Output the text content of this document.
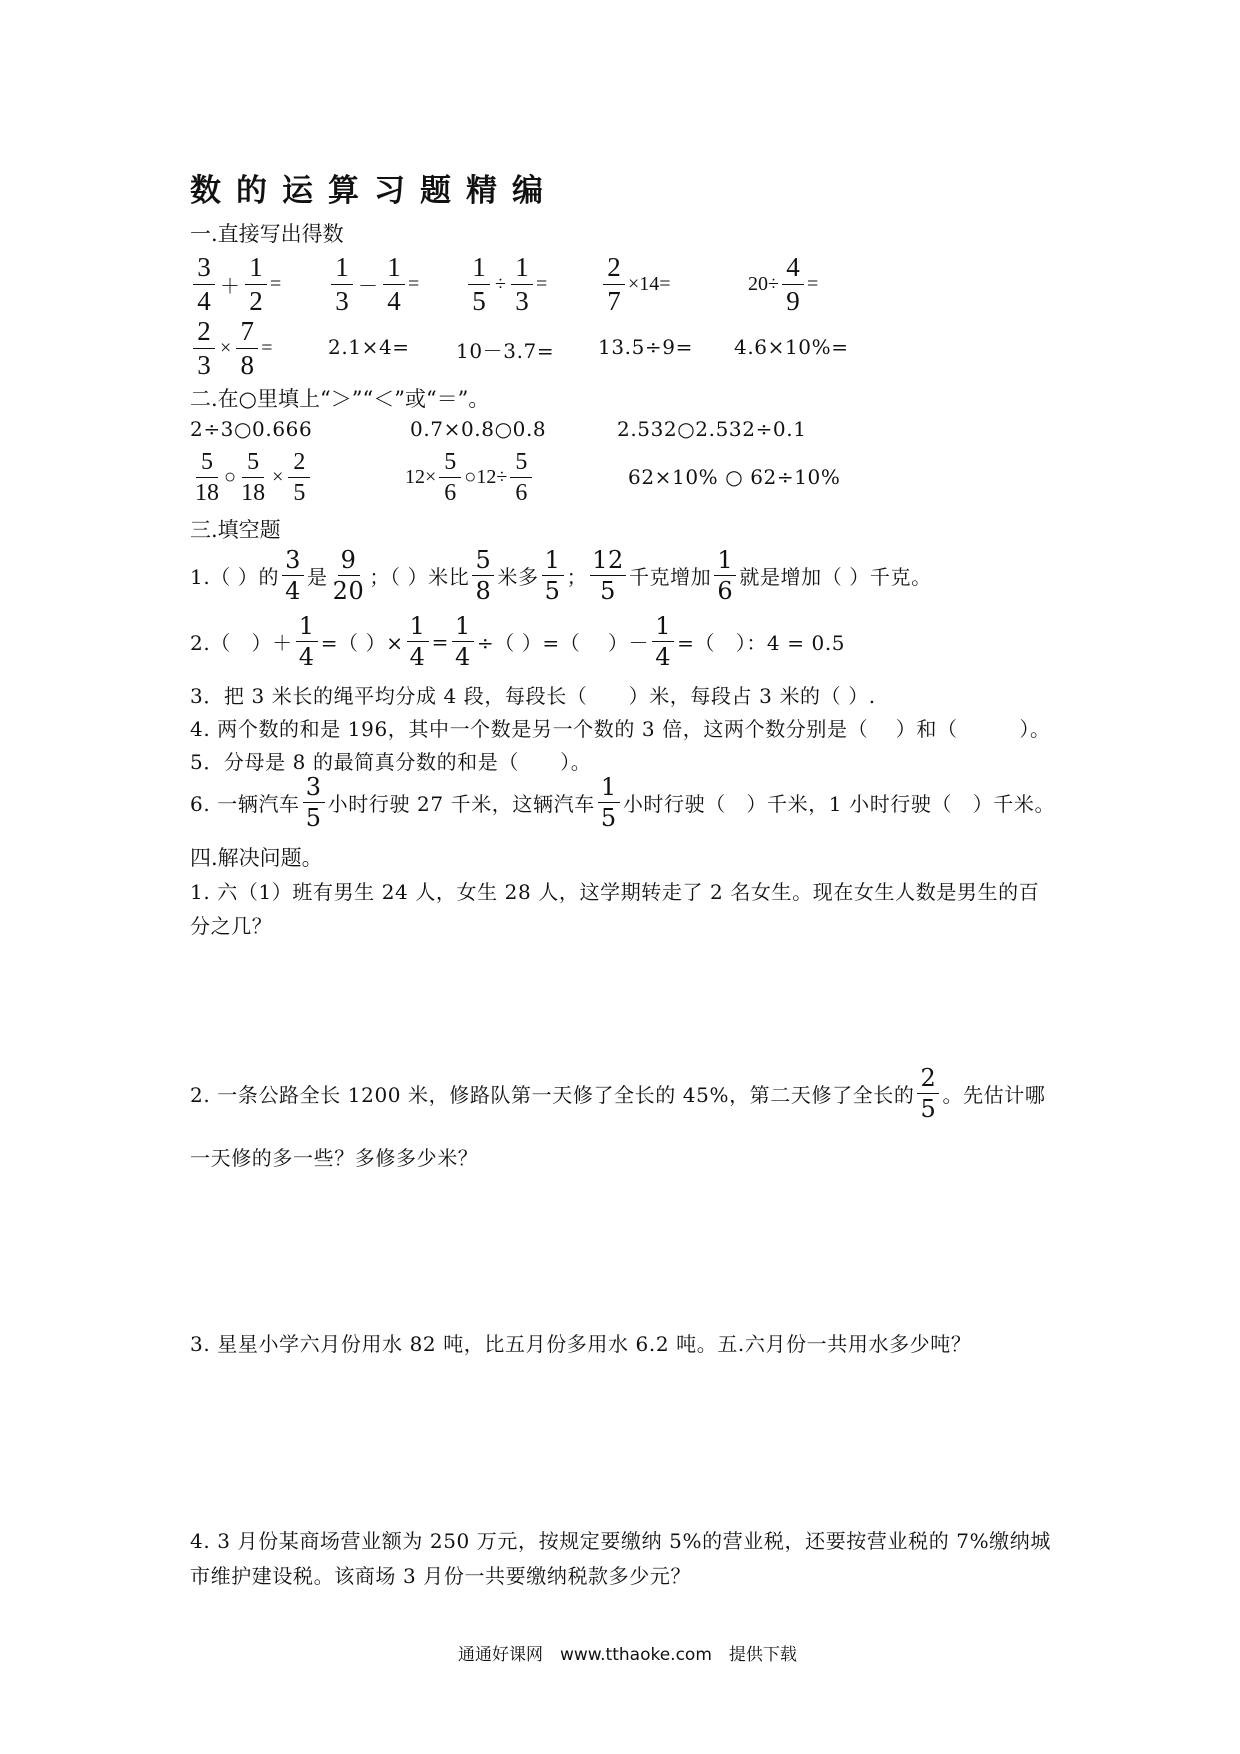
数的运算习题精编
一.直接写出得数
$\frac{3}{4} + \frac{1}{2} = \frac{1}{3} - \frac{1}{4} = \frac{1}{5} \div \frac{1}{3} = \frac{2}{7} \times 14=$	$20\div \frac{4}{9}$ =
$\frac{2}{3} \times \frac{7}{8}$ =	2.1×4= 10－3.7= 13.5÷9= 4.6×10%=
二.在○里填上“＞”“＜”或“＝”。
2÷3○0.666	0.7×0.8○0.8	2.532○2.532÷0.1
$\frac{5}{18}$ ○ $\frac{5}{18} \times \frac{2}{5}$	$12\times \frac{5}{6}$ ○12÷ $\frac{5}{6}$	62×10% ○ 62÷10%
三.填空题
1.（ ）的 $\frac{3}{4}$ 是 $\frac{9}{20}$ ；（ ）米比 $\frac{5}{8}$ 米多 $\frac{1}{5}$ ； $\frac{12}{5}$ 千克增加 $\frac{1}{6}$ 就是增加（ ）千克。
2.（　）＋ $\frac{1}{4}$ =（ ）× $\frac{1}{4} = \frac{1}{4}$ ÷（ ）=（　 ）－ $\frac{1}{4}$ =（　）：4 = 0.5
3．把 3 米长的绳平均分成 4 段，每段长（　　）米，每段占 3 米的（ ）.
4. 两个数的和是 196，其中一个数是另一个数的 3 倍，这两个数分别是（　 ）和（　　　）。
5．分母是 8 的最简真分数的和是（　　）。
6. 一辆汽车 $\frac{3}{5}$ 小时行驶 27 千米，这辆汽车 $\frac{1}{5}$ 小时行驶（　）千米，1 小时行驶（　）千米。
四.解决问题。
1. 六（1）班有男生 24 人，女生 28 人，这学期转走了 2 名女生。现在女生人数是男生的百
分之几？
2. 一条公路全长 1200 米，修路队第一天修了全长的 45%，第二天修了全长的 $\frac{2}{5}$ 。先估计哪
一天修的多一些？多修多少米？
3. 星星小学六月份用水 82 吨，比五月份多用水 6.2 吨。五.六月份一共用水多少吨？
4. 3 月份某商场营业额为 250 万元，按规定要缴纳 5%的营业税，还要按营业税的 7%缴纳城
市维护建设税。该商场 3 月份一共要缴纳税款多少元？
通通好课网　www.tthaoke.com　提供下载
